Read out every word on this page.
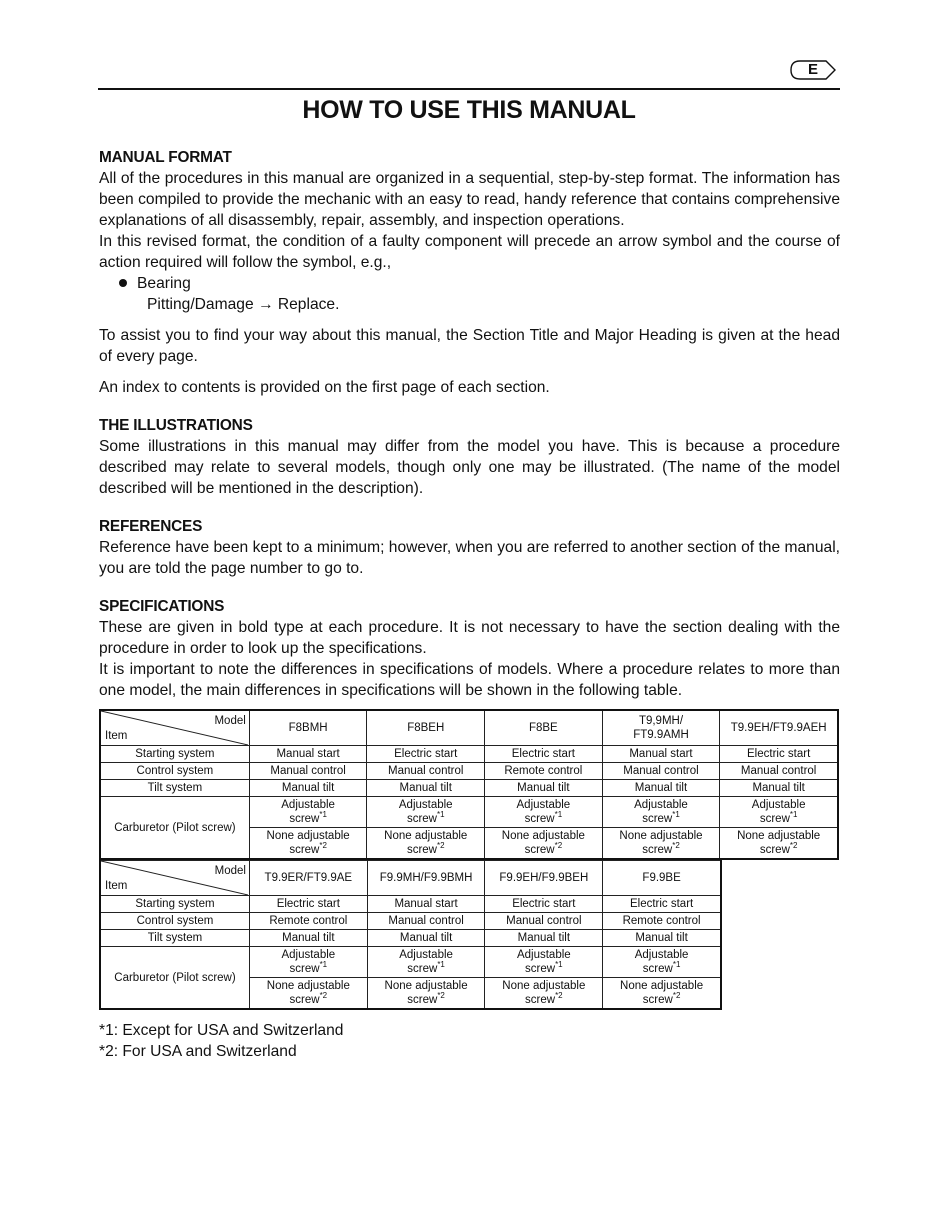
E
HOW TO USE THIS MANUAL

MANUAL FORMAT

All of the procedures in this manual are organized in a sequential, step-by-step format. The information has been compiled to provide the mechanic with an easy to read, handy reference that contains comprehensive explanations of all disassembly, repair, assembly, and inspection operations.

In this revised format, the condition of a faulty component will precede an arrow symbol and the course of action required will follow the symbol, e.g.,

Bearing

Pitting/Damage → Replace.

To assist you to find your way about this manual, the Section Title and Major Heading is given at the head of every page.

An index to contents is provided on the first page of each section.

THE ILLUSTRATIONS

Some illustrations in this manual may differ from the model you have. This is because a procedure described may relate to several models, though only one may be illustrated. (The name of the model described will be mentioned in the description).

REFERENCES

Reference have been kept to a minimum; however, when you are referred to another section of the manual, you are told the page number to go to.

SPECIFICATIONS

These are given in bold type at each procedure. It is not necessary to have the section dealing with the procedure in order to look up the specifications.

It is important to note the differences in specifications of models. Where a procedure relates to more than one model, the main differences in specifications will be shown in the following table.

Model
Item	F8BMH	F8BEH	F8BE	T9,9MH/
FT9.9AMH	T9.9EH/FT9.9AEH
Starting system	Manual start	Electric start	Electric start	Manual start	Electric start
Control system	Manual control	Manual control	Remote control	Manual control	Manual control
Tilt system	Manual tilt	Manual tilt	Manual tilt	Manual tilt	Manual tilt
Carburetor (Pilot screw)	Adjustable
screw$^{*1}$	Adjustable
screw$^{*1}$	Adjustable
screw$^{*1}$	Adjustable
screw$^{*1}$	Adjustable
screw$^{*1}$
	None adjustable
screw$^{*2}$	None adjustable
screw$^{*2}$	None adjustable
screw$^{*2}$	None adjustable
screw$^{*2}$	None adjustable
screw$^{*2}$
Model
Item	T9.9ER/FT9.9AE	F9.9MH/F9.9BMH	F9.9EH/F9.9BEH	F9.9BE
Starting system	Electric start	Manual start	Electric start	Electric start
Control system	Remote control	Manual control	Manual control	Remote control
Tilt system	Manual tilt	Manual tilt	Manual tilt	Manual tilt
Carburetor (Pilot screw)	Adjustable
screw$^{*1}$	Adjustable
screw$^{*1}$	Adjustable
screw$^{*1}$	Adjustable
screw$^{*1}$
	None adjustable
screw$^{*2}$	None adjustable
screw$^{*2}$	None adjustable
screw$^{*2}$	None adjustable
screw$^{*2}$
*1: Except for USA and Switzerland
*2: For USA and Switzerland
